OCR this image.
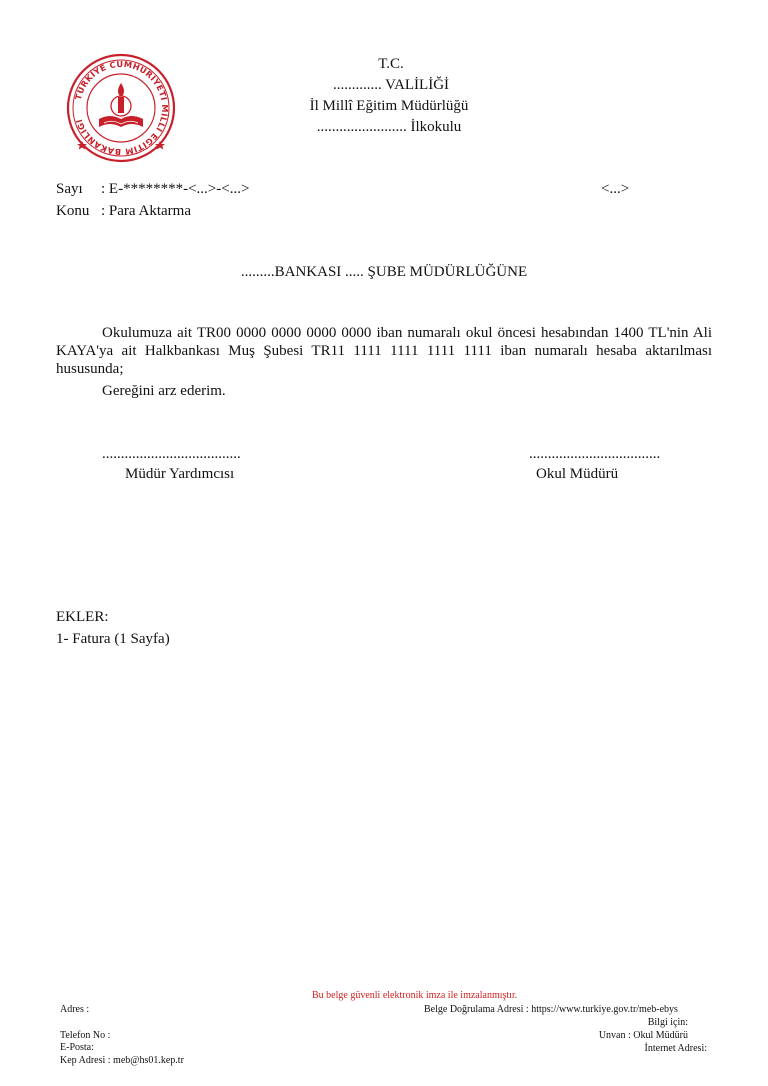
TÜRKİYE CUMHURİYETİ MİLLÎ EĞİTİM BAKANLIĞI
T.C.
............. VALİLİĞİ
İl Millî Eğitim Müdürlüğü
........................ İlkokulu
Sayı : E-********-<...>-<...>	<...>
Konu : Para Aktarma
.........BANKASI ..... ŞUBE MÜDÜRLÜĞÜNE
Okulumuza ait TR00 0000 0000 0000 0000 iban numaralı okul öncesi hesabından 1400 TL'nin Ali KAYA'ya ait Halkbankası Muş Şubesi TR11 1111 1111 1111 1111 iban numaralı hesaba aktarılması hususunda;
Gereğini arz ederim.
.....................................
Müdür Yardımcısı
...................................
Okul Müdürü
EKLER:
1- Fatura (1 Sayfa)
Bu belge güvenli elektronik imza ile imzalanmıştır.
Adres :	Belge Doğrulama Adresi : https://www.turkiye.gov.tr/meb-ebys
Bilgi için:
Telefon No :	Unvan : Okul Müdürü
E-Posta:	İnternet Adresi:
Kep Adresi : meb@hs01.kep.tr
